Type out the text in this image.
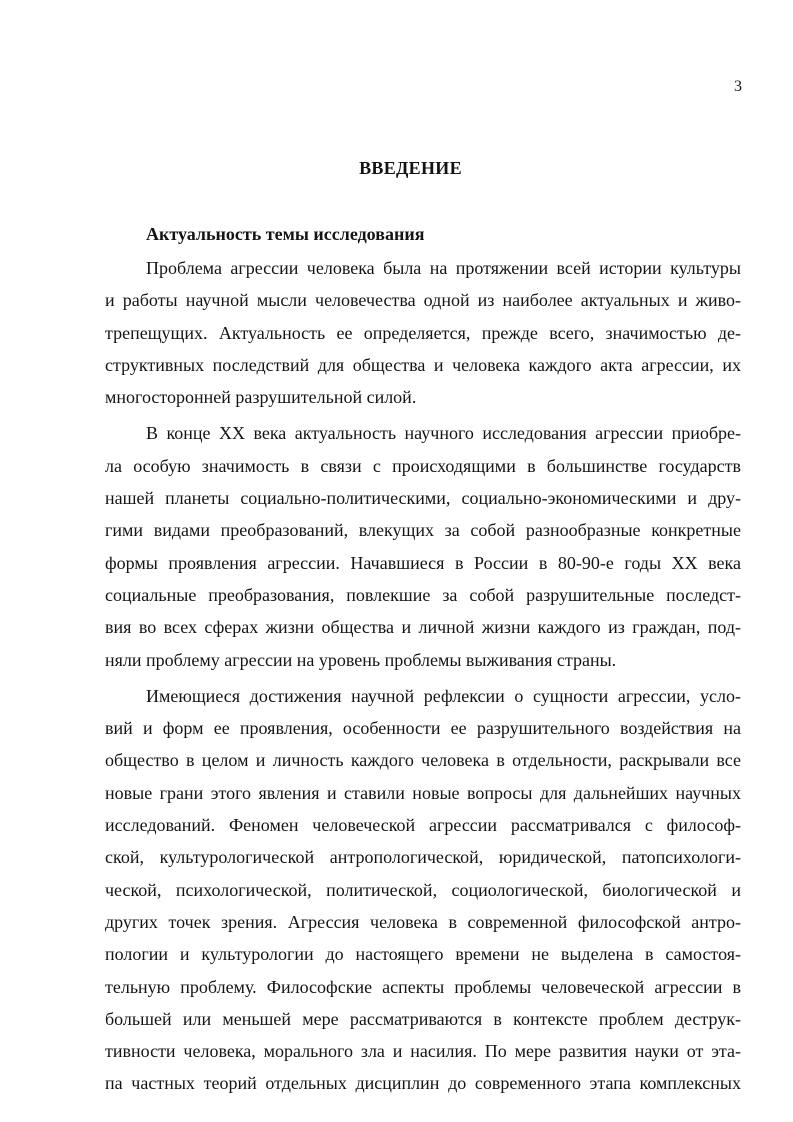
3
ВВЕДЕНИЕ
Актуальность темы исследования
Проблема агрессии человека была на протяжении всей истории культуры
и работы научной мысли человечества одной из наиболее актуальных и живо-
трепещущих. Актуальность ее определяется, прежде всего, значимостью де-
структивных последствий для общества и человека каждого акта агрессии, их
многосторонней разрушительной силой.
В конце XX века актуальность научного исследования агрессии приобре-
ла особую значимость в связи с происходящими в большинстве государств
нашей планеты социально-политическими, социально-экономическими и дру-
гими видами преобразований, влекущих за собой разнообразные конкретные
формы проявления агрессии. Начавшиеся в России в 80-90-е годы XX века
социальные преобразования, повлекшие за собой разрушительные последст-
вия во всех сферах жизни общества и личной жизни каждого из граждан, под-
няли проблему агрессии на уровень проблемы выживания страны.
Имеющиеся достижения научной рефлексии о сущности агрессии, усло-
вий и форм ее проявления, особенности ее разрушительного воздействия на
общество в целом и личность каждого человека в отдельности, раскрывали все
новые грани этого явления и ставили новые вопросы для дальнейших научных
исследований. Феномен человеческой агрессии рассматривался с философ-
ской, культурологической антропологической, юридической, патопсихологи-
ческой, психологической, политической, социологической, биологической и
других точек зрения. Агрессия человека в современной философской антро-
пологии и культурологии до настоящего времени не выделена в самостоя-
тельную проблему. Философские аспекты проблемы человеческой агрессии в
большей или меньшей мере рассматриваются в контексте проблем деструк-
тивности человека, морального зла и насилия. По мере развития науки от эта-
па частных теорий отдельных дисциплин до современного этапа комплексных
